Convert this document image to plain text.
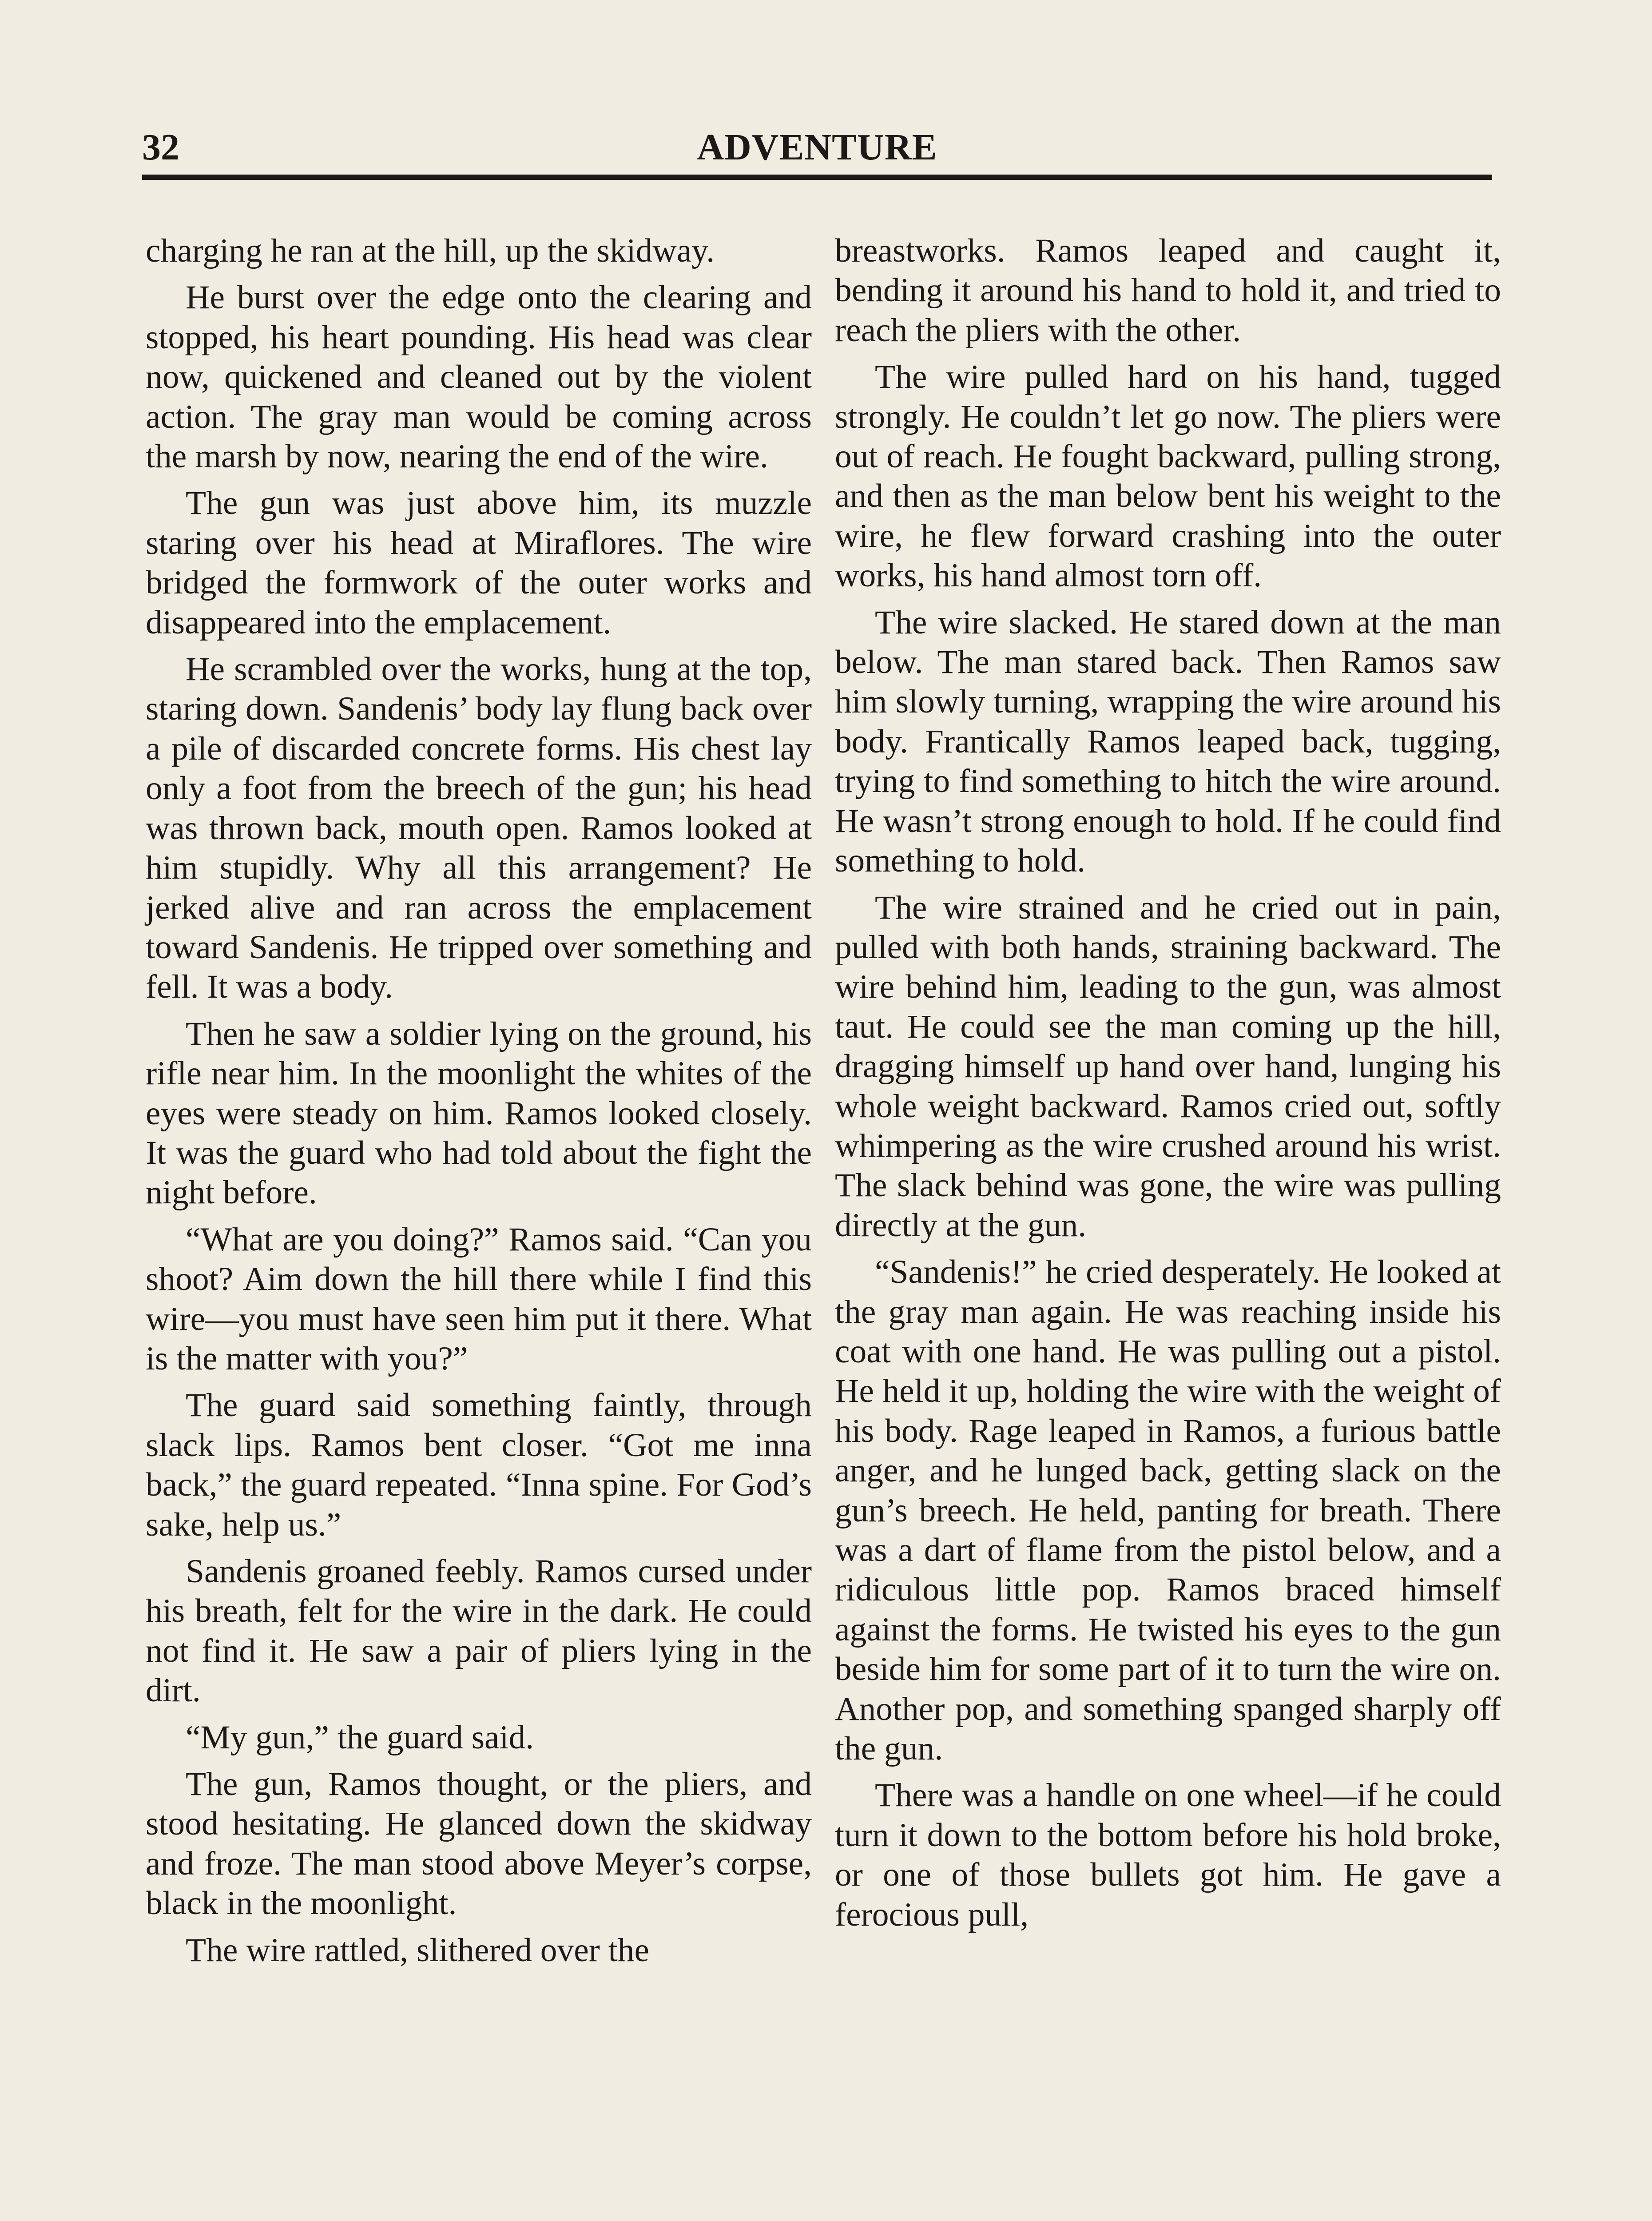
32	ADVENTURE

charging he ran at the hill, up the skidway.

He burst over the edge onto the clearing and stopped, his heart pounding. His head was clear now, quickened and cleaned out by the violent action. The gray man would be coming across the marsh by now, nearing the end of the wire.

The gun was just above him, its muzzle staring over his head at Miraflores. The wire bridged the formwork of the outer works and disappeared into the emplacement.

He scrambled over the works, hung at the top, staring down. Sandenis’ body lay flung back over a pile of discarded concrete forms. His chest lay only a foot from the breech of the gun; his head was thrown back, mouth open. Ramos looked at him stupidly. Why all this arrangement? He jerked alive and ran across the emplacement toward Sandenis. He tripped over something and fell. It was a body.

Then he saw a soldier lying on the ground, his rifle near him. In the moonlight the whites of the eyes were steady on him. Ramos looked closely. It was the guard who had told about the fight the night before.

“What are you doing?” Ramos said. “Can you shoot? Aim down the hill there while I find this wire—you must have seen him put it there. What is the matter with you?”

The guard said something faintly, through slack lips. Ramos bent closer. “Got me inna back,” the guard repeated. “Inna spine. For God’s sake, help us.”

Sandenis groaned feebly. Ramos cursed under his breath, felt for the wire in the dark. He could not find it. He saw a pair of pliers lying in the dirt.

“My gun,” the guard said.

The gun, Ramos thought, or the pliers, and stood hesitating. He glanced down the skidway and froze. The man stood above Meyer’s corpse, black in the moonlight.

The wire rattled, slithered over the

breastworks. Ramos leaped and caught it, bending it around his hand to hold it, and tried to reach the pliers with the other.

The wire pulled hard on his hand, tugged strongly. He couldn’t let go now. The pliers were out of reach. He fought backward, pulling strong, and then as the man below bent his weight to the wire, he flew forward crashing into the outer works, his hand almost torn off.

The wire slacked. He stared down at the man below. The man stared back. Then Ramos saw him slowly turning, wrapping the wire around his body. Frantically Ramos leaped back, tugging, trying to find something to hitch the wire around. He wasn’t strong enough to hold. If he could find something to hold.

The wire strained and he cried out in pain, pulled with both hands, straining backward. The wire behind him, leading to the gun, was almost taut. He could see the man coming up the hill, dragging himself up hand over hand, lunging his whole weight backward. Ramos cried out, softly whimpering as the wire crushed around his wrist. The slack behind was gone, the wire was pulling directly at the gun.

“Sandenis!” he cried desperately. He looked at the gray man again. He was reaching inside his coat with one hand. He was pulling out a pistol. He held it up, holding the wire with the weight of his body. Rage leaped in Ramos, a furious battle anger, and he lunged back, getting slack on the gun’s breech. He held, panting for breath. There was a dart of flame from the pistol below, and a ridiculous little pop. Ramos braced himself against the forms. He twisted his eyes to the gun beside him for some part of it to turn the wire on. Another pop, and something spanged sharply off the gun.

There was a handle on one wheel—if he could turn it down to the bottom before his hold broke, or one of those bullets got him. He gave a ferocious pull,
